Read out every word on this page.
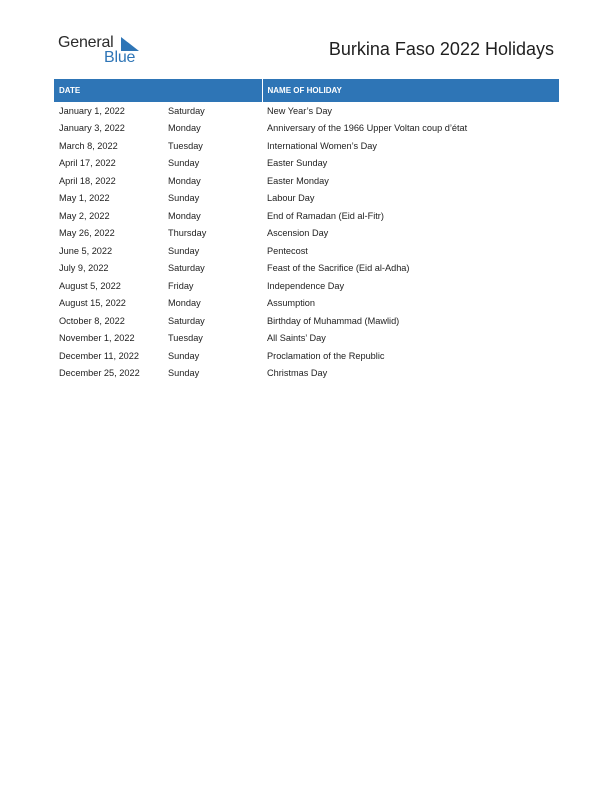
General
Blue	Burkina Faso 2022 Holidays
DATE		NAME OF HOLIDAY
January 1, 2022	Saturday	New Year’s Day
January 3, 2022	Monday	Anniversary of the 1966 Upper Voltan coup d’état
March 8, 2022	Tuesday	International Women’s Day
April 17, 2022	Sunday	Easter Sunday
April 18, 2022	Monday	Easter Monday
May 1, 2022	Sunday	Labour Day
May 2, 2022	Monday	End of Ramadan (Eid al-Fitr)
May 26, 2022	Thursday	Ascension Day
June 5, 2022	Sunday	Pentecost
July 9, 2022	Saturday	Feast of the Sacrifice (Eid al-Adha)
August 5, 2022	Friday	Independence Day
August 15, 2022	Monday	Assumption
October 8, 2022	Saturday	Birthday of Muhammad (Mawlid)
November 1, 2022	Tuesday	All Saints’ Day
December 11, 2022	Sunday	Proclamation of the Republic
December 25, 2022	Sunday	Christmas Day
